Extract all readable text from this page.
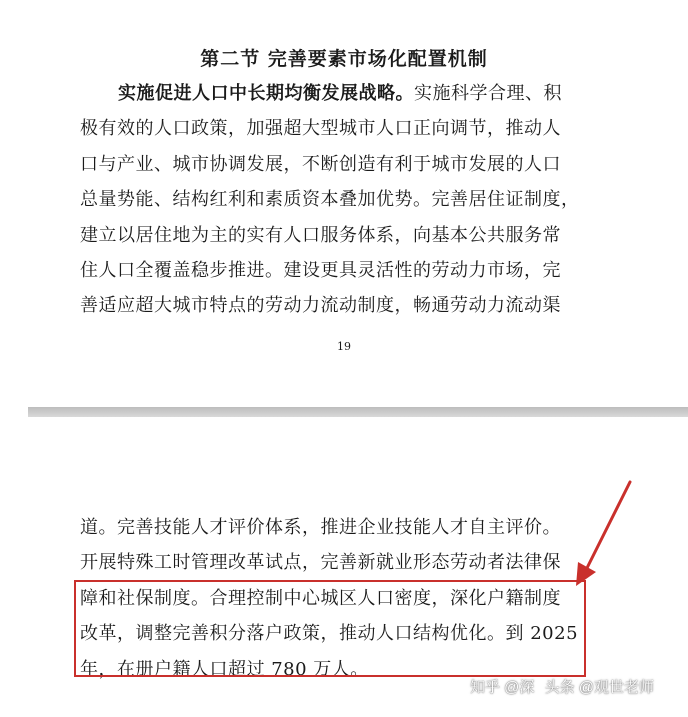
第二节 完善要素市场化配置机制
实施促进人口中长期均衡发展战略。实施科学合理、积
极有效的人口政策，加强超大型城市人口正向调节，推动人
口与产业、城市协调发展，不断创造有利于城市发展的人口
总量势能、结构红利和素质资本叠加优势。完善居住证制度，
建立以居住地为主的实有人口服务体系，向基本公共服务常
住人口全覆盖稳步推进。建设更具灵活性的劳动力市场，完
善适应超大城市特点的劳动力流动制度，畅通劳动力流动渠
19
道。完善技能人才评价体系，推进企业技能人才自主评价。
开展特殊工时管理改革试点，完善新就业形态劳动者法律保
障和社保制度。合理控制中心城区人口密度，深化户籍制度
改革，调整完善积分落户政策，推动人口结构优化。到 2025
年，在册户籍人口超过 780 万人。
知乎 @深 头条 @观世老师
